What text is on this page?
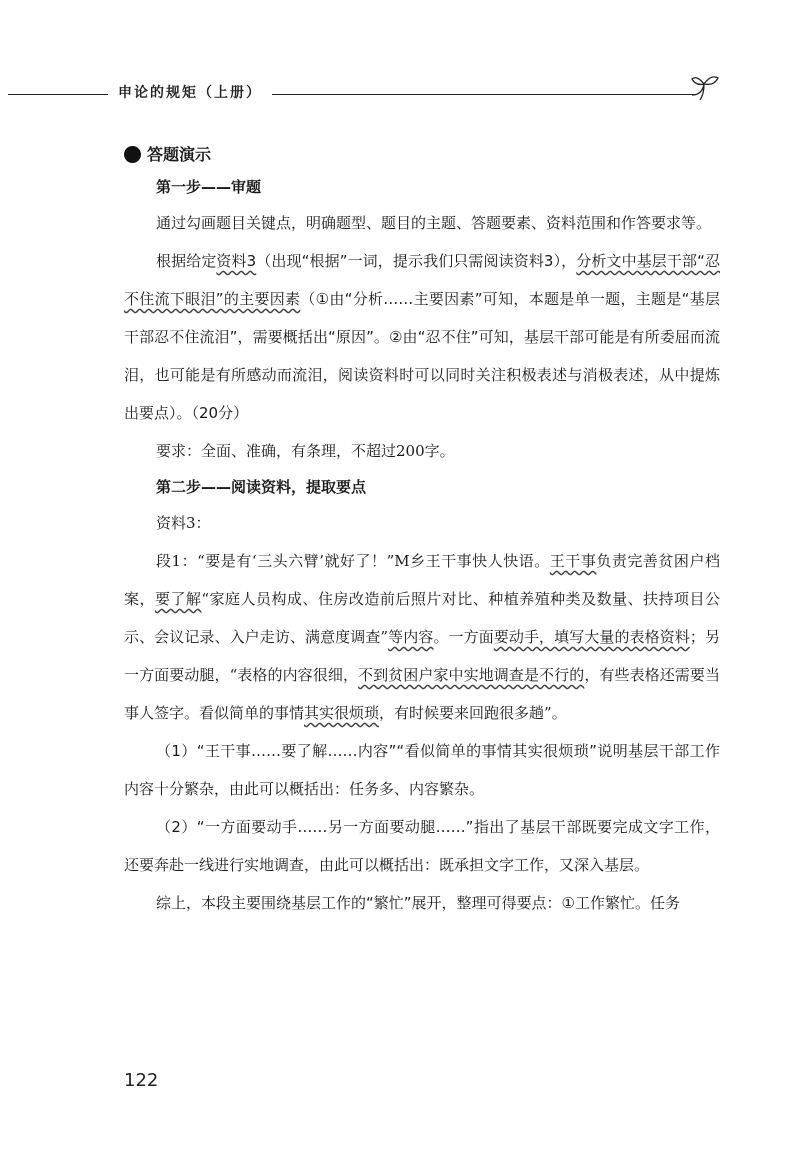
申论的规矩（上册）
答题演示
第一步——审题

通过勾画题目关键点，明确题型、题目的主题、答题要素、资料范围和作答要求等。

根据给定资料3（出现“根据”一词，提示我们只需阅读资料3），分析文中基层干部“忍不住流下眼泪”的主要因素（①由“分析……主要因素”可知，本题是单一题，主题是“基层干部忍不住流泪”，需要概括出“原因”。②由“忍不住”可知，基层干部可能是有所委屈而流泪，也可能是有所感动而流泪，阅读资料时可以同时关注积极表述与消极表述，从中提炼出要点）。（20分）

要求：全面、准确，有条理，不超过200字。

第二步——阅读资料，提取要点

资料3：

段1：“要是有‘三头六臂’就好了！”M乡王干事快人快语。王干事负责完善贫困户档案，要了解“家庭人员构成、住房改造前后照片对比、种植养殖种类及数量、扶持项目公示、会议记录、入户走访、满意度调查”等内容。一方面要动手，填写大量的表格资料；另一方面要动腿，“表格的内容很细，不到贫困户家中实地调查是不行的，有些表格还需要当事人签字。看似简单的事情其实很烦琐，有时候要来回跑很多趟”。

（1）“王干事……要了解……内容”“看似简单的事情其实很烦琐”说明基层干部工作内容十分繁杂，由此可以概括出：任务多、内容繁杂。

（2）“一方面要动手……另一方面要动腿……”指出了基层干部既要完成文字工作，还要奔赴一线进行实地调查，由此可以概括出：既承担文字工作，又深入基层。

综上，本段主要围绕基层工作的“繁忙”展开，整理可得要点：①工作繁忙。任务

122
